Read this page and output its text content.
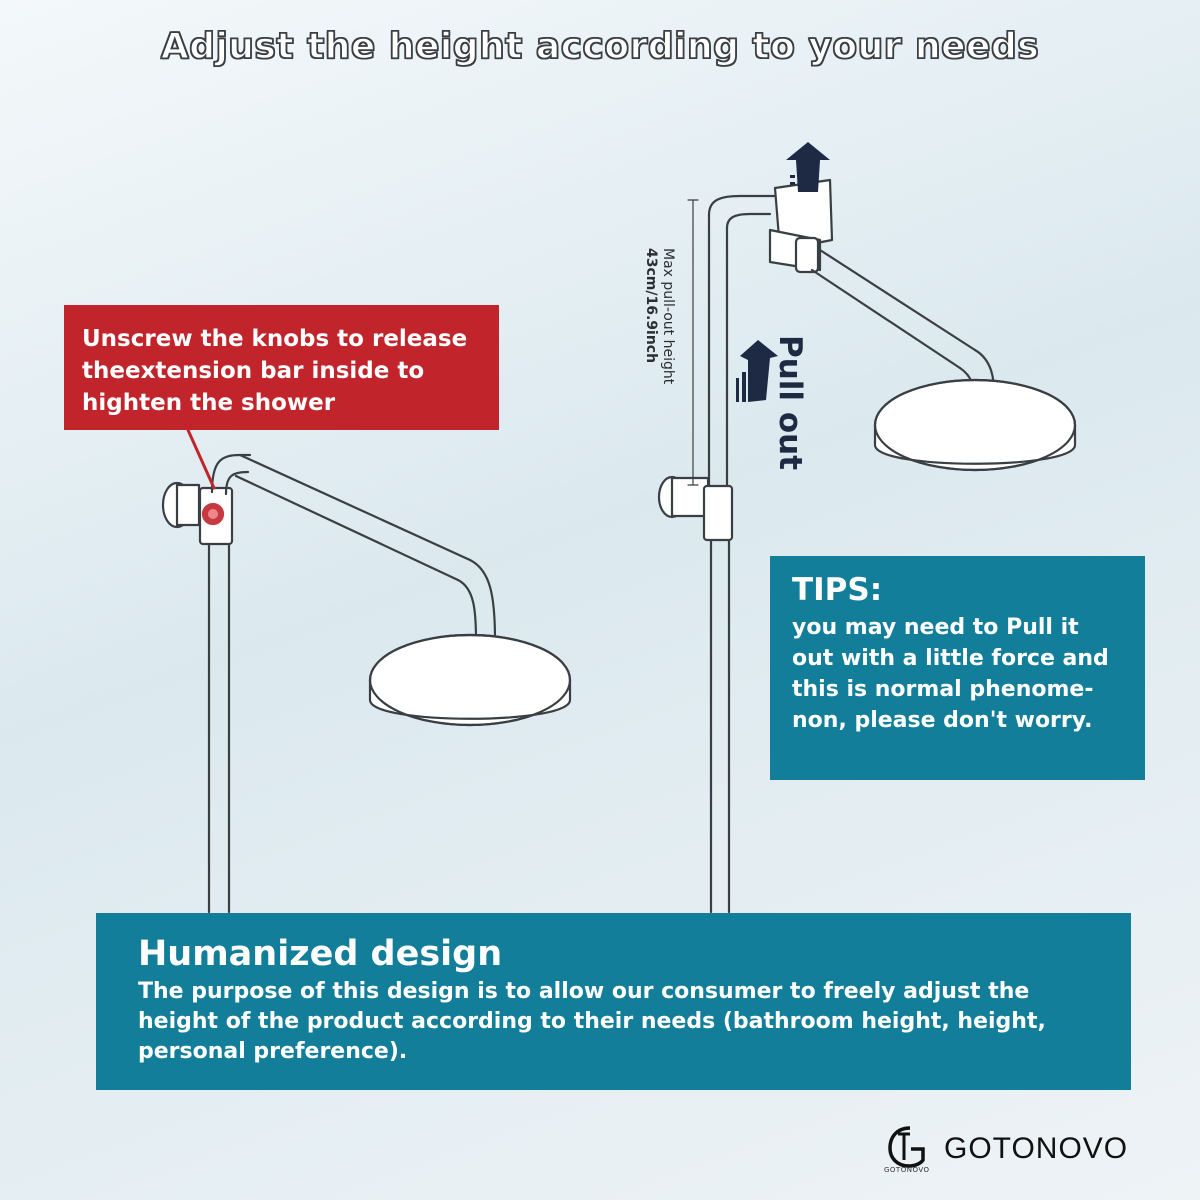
Adjust the height according to your needs
Unscrew the knobs to release
theextension bar inside to
highten the shower	Pull out
Max pull-out height
43cm/16.9inch
TIPS:
you may need to Pull it
out with a little force and
this is normal phenome-
non, please don't worry.
Humanized design
The purpose of this design is to allow our consumer to freely adjust the
height of the product according to their needs (bathroom height, height,
personal preference).
GOTONOVO
GOTONOVO
